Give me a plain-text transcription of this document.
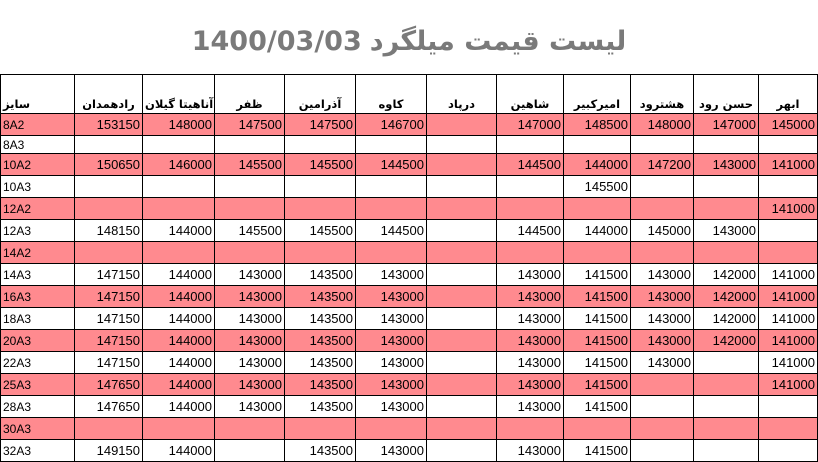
1400/03/03 لیست قیمت میلگرد
سایز	رادهمدان	آناهیتا گیلان	ظفر	آذرامین	کاوه	درپاد	شاهین	امیرکبیر	هشترود	حسن رود	ابهر
8A2	153150	148000	147500	147500	146700		147000	148500	148000	147000	145000
8A3											
10A2	150650	146000	145500	145500	144500		144500	144000	147200	143000	141000
10A3								145500			
12A2											141000
12A3	148150	144000	145500	145500	144500		144500	144000	145000	143000	
14A2											
14A3	147150	144000	143000	143500	143000		143000	141500	143000	142000	141000
16A3	147150	144000	143000	143500	143000		143000	141500	143000	142000	141000
18A3	147150	144000	143000	143500	143000		143000	141500	143000	142000	141000
20A3	147150	144000	143000	143500	143000		143000	141500	143000	142000	141000
22A3	147150	144000	143000	143500	143000		143000	141500	143000		141000
25A3	147650	144000	143000	143500	143000		143000	141500			141000
28A3	147650	144000	143000	143500	143000		143000	141500			
30A3											
32A3	149150	144000		143500	143000		143000	141500			
